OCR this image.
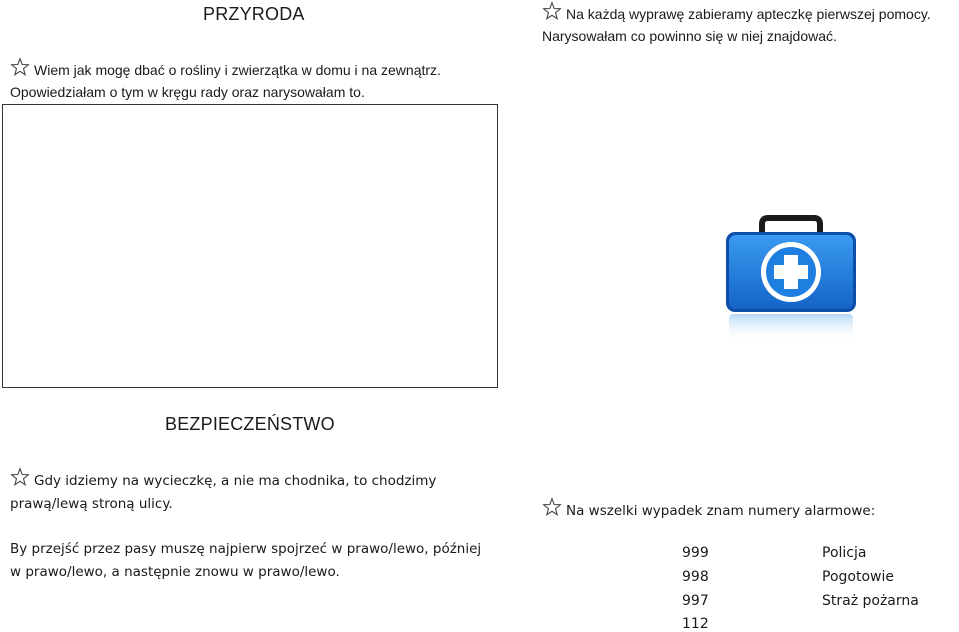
PRZYRODA
Wiem jak mogę dbać o rośliny i zwierzątka w domu i na zewnątrz.
Opowiedziałam o tym w kręgu rady oraz narysowałam to.
Na każdą wyprawę zabieramy apteczkę pierwszej pomocy.
Narysowałam co powinno się w niej znajdować.
BEZPIECZEŃSTWO
Gdy idziemy na wycieczkę, a nie ma chodnika, to chodzimy
prawą/lewą stroną ulicy.
By przejść przez pasy muszę najpierw spojrzeć w prawo/lewo, później
w prawo/lewo, a następnie znowu w prawo/lewo.
Na wszelki wypadek znam numery alarmowe:
999	Policja
998	Pogotowie
997	Straż pożarna
112
